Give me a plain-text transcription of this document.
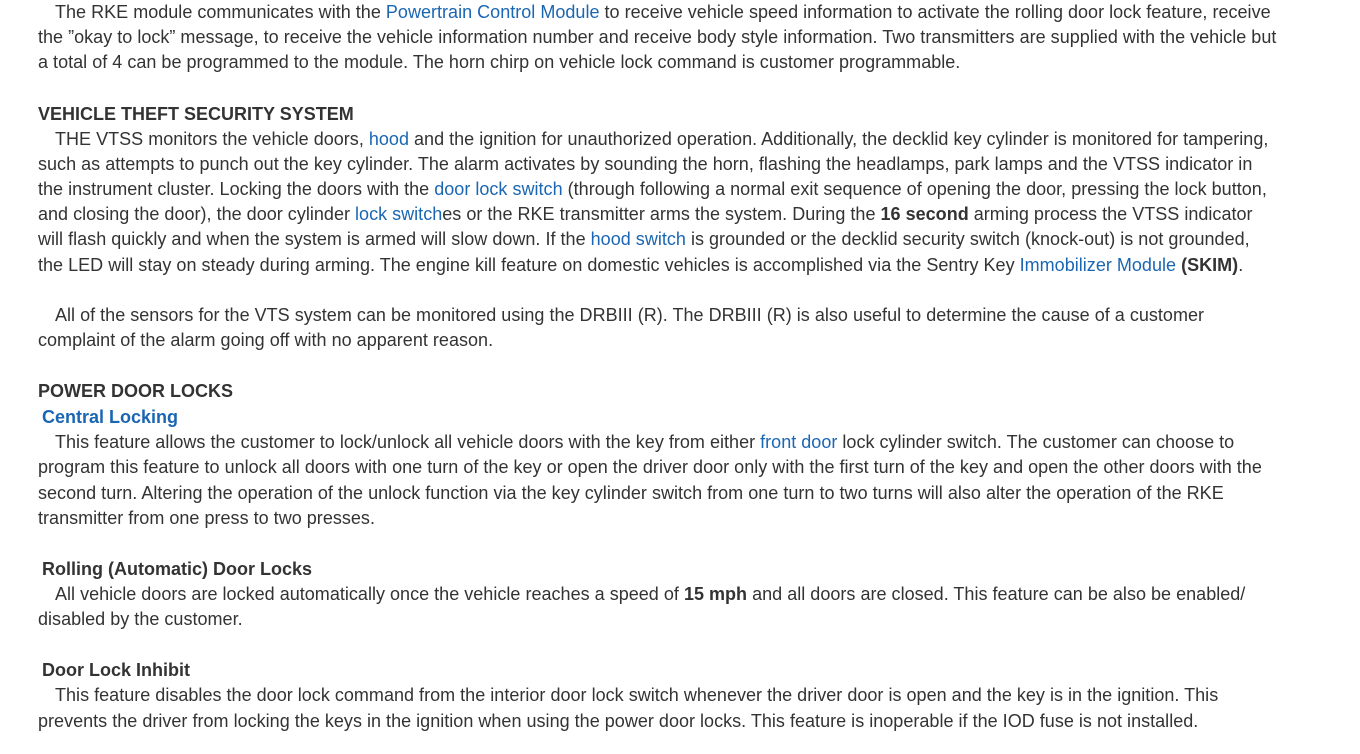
The RKE module communicates with the Powertrain Control Module to receive vehicle speed information to activate the rolling door lock feature, receive the ”okay to lock” message, to receive the vehicle information number and receive body style information. Two transmitters are supplied with the vehicle but a total of 4 can be programmed to the module. The horn chirp on vehicle lock command is customer programmable.

VEHICLE THEFT SECURITY SYSTEM

THE VTSS monitors the vehicle doors, hood and the ignition for unauthorized operation. Additionally, the decklid key cylinder is monitored for tampering, such as attempts to punch out the key cylinder. The alarm activates by sounding the horn, flashing the headlamps, park lamps and the VTSS indicator in the instrument cluster. Locking the doors with the door lock switch (through following a normal exit sequence of opening the door, pressing the lock button, and closing the door), the door cylinder lock switches or the RKE transmitter arms the system. During the 16 second arming process the VTSS indicator will flash quickly and when the system is armed will slow down. If the hood switch is grounded or the decklid security switch (knock-out) is not grounded, the LED will stay on steady during arming. The engine kill feature on domestic vehicles is accomplished via the Sentry Key Immobilizer Module (SKIM).

All of the sensors for the VTS system can be monitored using the DRBIII (R). The DRBIII (R) is also useful to determine the cause of a customer complaint of the alarm going off with no apparent reason.

POWER DOOR LOCKS
Central Locking

This feature allows the customer to lock/unlock all vehicle doors with the key from either front door lock cylinder switch. The customer can choose to program this feature to unlock all doors with one turn of the key or open the driver door only with the first turn of the key and open the other doors with the second turn. Altering the operation of the unlock function via the key cylinder switch from one turn to two turns will also alter the operation of the RKE transmitter from one press to two presses.

Rolling (Automatic) Door Locks

All vehicle doors are locked automatically once the vehicle reaches a speed of 15 mph and all doors are closed. This feature can be also be enabled/ disabled by the customer.

Door Lock Inhibit

This feature disables the door lock command from the interior door lock switch whenever the driver door is open and the key is in the ignition. This prevents the driver from locking the keys in the ignition when using the power door locks. This feature is inoperable if the IOD fuse is not installed.
